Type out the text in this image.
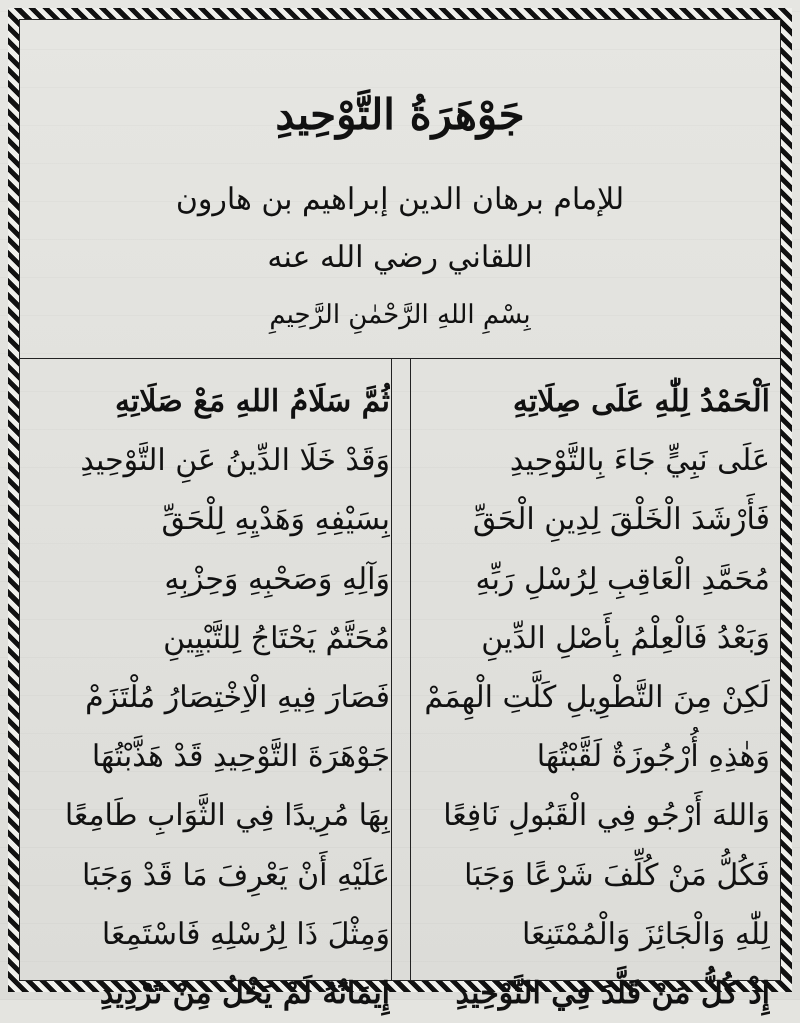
جَوْهَرَةُ التَّوْحِيدِ
للإمام برهان الدين إبراهيم بن هارون
اللقاني رضي الله عنه
بِسْمِ اللهِ الرَّحْمٰنِ الرَّحِيمِ
اَلْحَمْدُ لِلّٰهِ عَلَى صِلَاتِهِ
عَلَى نَبِيٍّ جَاءَ بِالتَّوْحِيدِ
فَأَرْشَدَ الْخَلْقَ لِدِينِ الْحَقِّ
مُحَمَّدِ الْعَاقِبِ لِرُسْلِ رَبِّهِ
وَبَعْدُ فَالْعِلْمُ بِأَصْلِ الدِّينِ
لَكِنْ مِنَ التَّطْوِيلِ كَلَّتِ الْهِمَمْ
وَهٰذِهِ أُرْجُوزَةٌ لَقَّبْتُهَا
وَاللهَ أَرْجُو فِي الْقَبُولِ نَافِعًا
فَكُلُّ مَنْ كُلِّفَ شَرْعًا وَجَبَا
لِلّٰهِ وَالْجَائِزَ وَالْمُمْتَنِعَا
إِذْ كُلُّ مَنْ قَلَّدَ فِي التَّوْحِيدِ
ثُمَّ سَلَامُ اللهِ مَعْ صَلَاتِهِ
وَقَدْ خَلَا الدِّينُ عَنِ التَّوْحِيدِ
بِسَيْفِهِ وَهَدْيِهِ لِلْحَقِّ
وَآلِهِ وَصَحْبِهِ وَحِزْبِهِ
مُحَتَّمٌ يَحْتَاجُ لِلتَّبْيِينِ
فَصَارَ فِيهِ الْاِخْتِصَارُ مُلْتَزَمْ
جَوْهَرَةَ التَّوْحِيدِ قَدْ هَذَّبْتُهَا
بِهَا مُرِيدًا فِي الثَّوَابِ طَامِعًا
عَلَيْهِ أَنْ يَعْرِفَ مَا قَدْ وَجَبَا
وَمِثْلَ ذَا لِرُسْلِهِ فَاسْتَمِعَا
إِيمَانُهُ لَمْ يَخْلُ مِنْ تَرْدِيدِ
